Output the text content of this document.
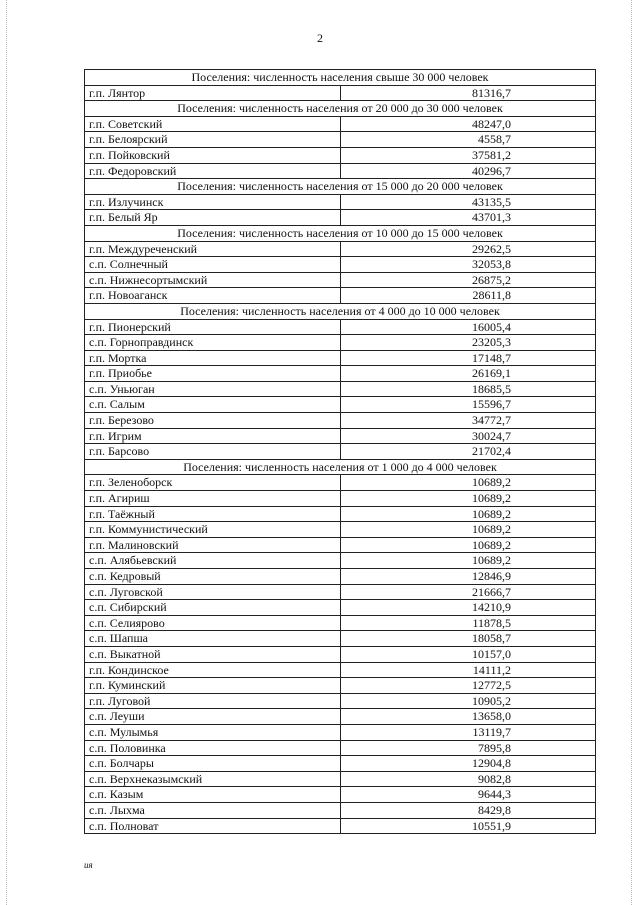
2
Поселения: численность населения свыше 30 000 человек	
г.п. Лянтор	81316,7
Поселения: численность населения от 20 000 до 30 000 человек	
г.п. Советский	48247,0
г.п. Белоярский	4558,7
г.п. Пойковский	37581,2
г.п. Федоровский	40296,7
Поселения: численность населения от 15 000 до 20 000 человек	
г.п. Излучинск	43135,5
г.п. Белый Яр	43701,3
Поселения: численность населения от 10 000 до 15 000 человек	
г.п. Междуреченский	29262,5
с.п. Солнечный	32053,8
с.п. Нижнесортымский	26875,2
г.п. Новоаганск	28611,8
Поселения: численность населения от 4 000 до 10 000 человек	
г.п. Пионерский	16005,4
с.п. Горноправдинск	23205,3
г.п. Мортка	17148,7
г.п. Приобье	26169,1
с.п. Уньюган	18685,5
с.п. Салым	15596,7
г.п. Березово	34772,7
г.п. Игрим	30024,7
г.п. Барсово	21702,4
Поселения: численность населения от 1 000 до 4 000 человек	
г.п. Зеленоборск	10689,2
г.п. Агириш	10689,2
г.п. Таёжный	10689,2
г.п. Коммунистический	10689,2
г.п. Малиновский	10689,2
с.п. Алябьевский	10689,2
с.п. Кедровый	12846,9
с.п. Луговской	21666,7
с.п. Сибирский	14210,9
с.п. Селиярово	11878,5
с.п. Шапша	18058,7
с.п. Выкатной	10157,0
г.п. Кондинское	14111,2
г.п. Куминский	12772,5
г.п. Луговой	10905,2
с.п. Леуши	13658,0
с.п. Мулымья	13119,7
с.п. Половинка	7895,8
с.п. Болчары	12904,8
с.п. Верхнеказымский	9082,8
с.п. Казым	9644,3
с.п. Лыхма	8429,8
с.п. Полноват	10551,9
ия
